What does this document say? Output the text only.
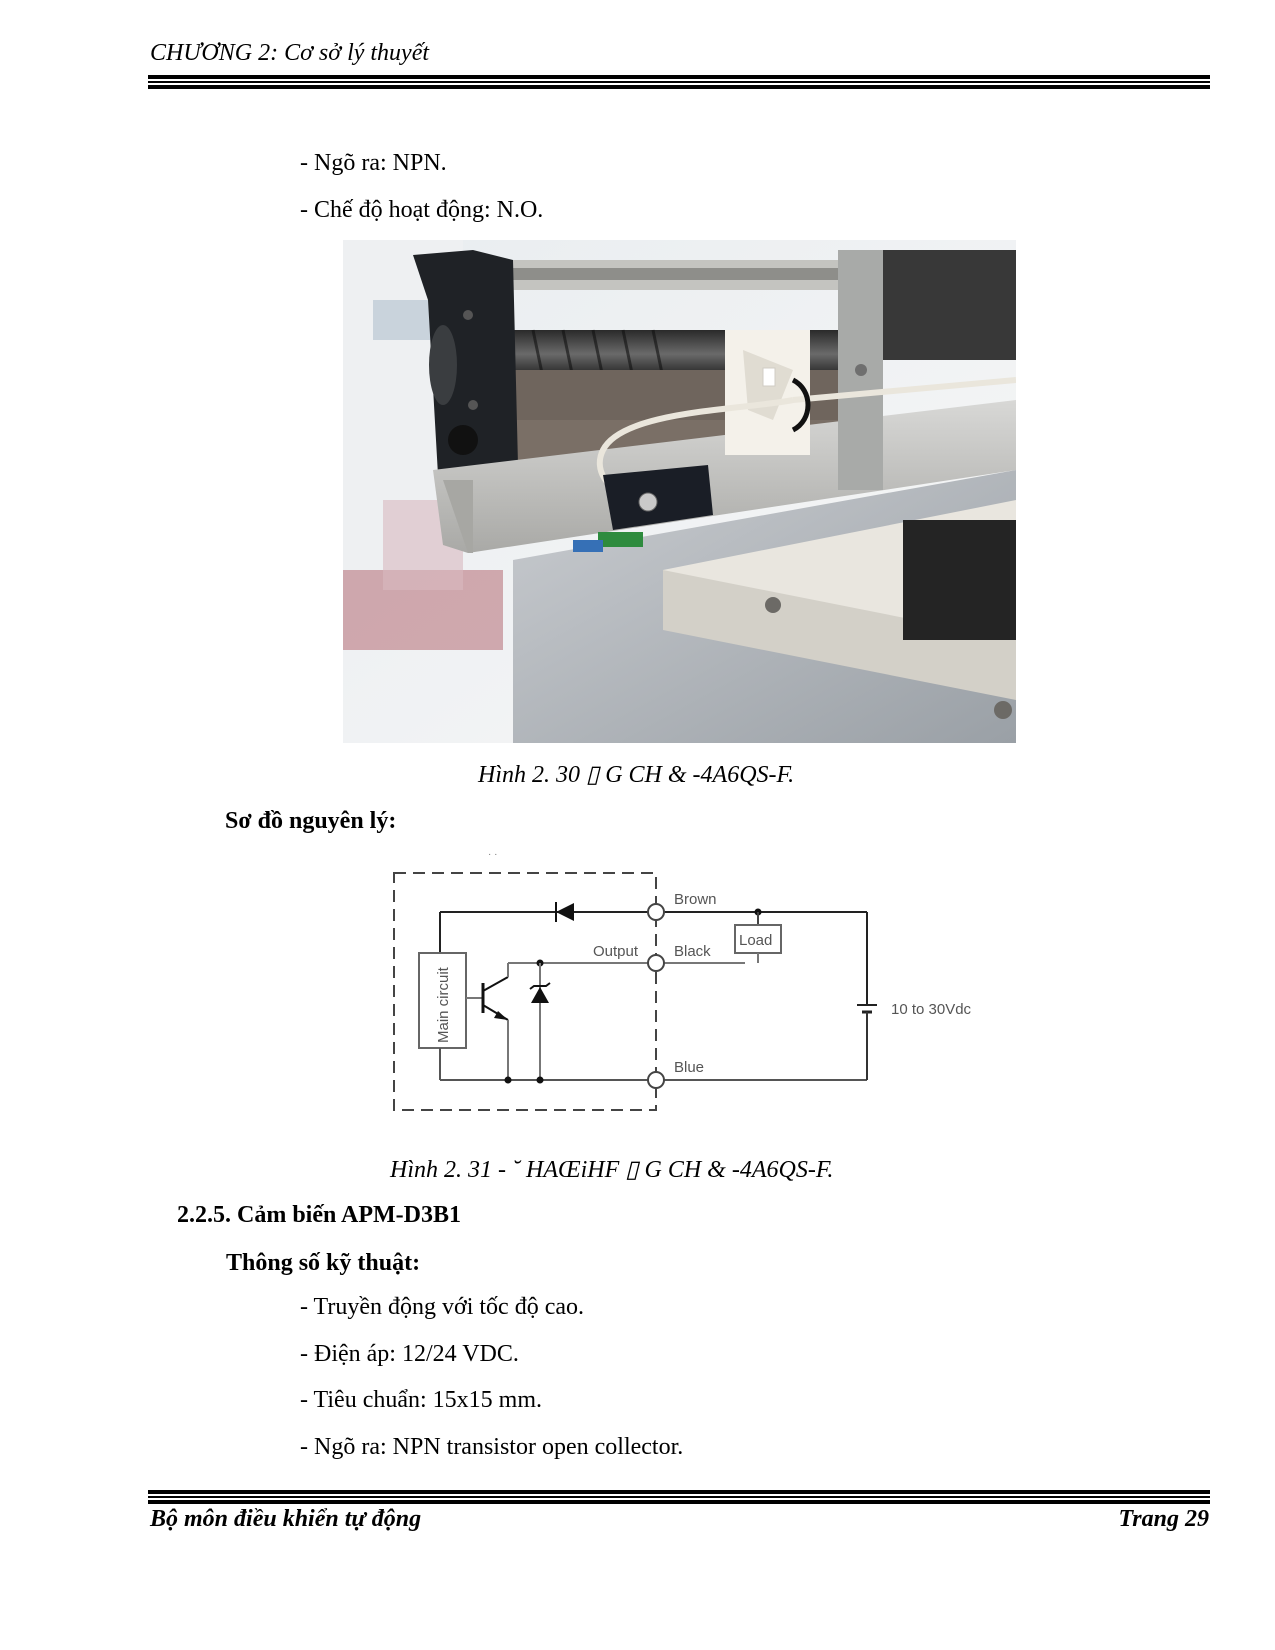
CHƯƠNG 2: Cơ sở lý thuyết
- Ngõ ra: NPN.
- Chế độ hoạt động: N.O.
Hình 2. 30 ▯ G CH & -4A6QS-F.
Sơ đồ nguyên lý:
· ·
Main circuit
Output
Brown
Black
Blue
Load
10 to 30Vdc
Hình 2. 31 - ˘ HAŒiHF ▯ G CH & -4A6QS-F.
2.2.5. Cảm biến APM-D3B1
Thông số kỹ thuật:
- Truyền động với tốc độ cao.
- Điện áp: 12/24 VDC.
- Tiêu chuẩn: 15x15 mm.
- Ngõ ra: NPN transistor open collector.
Bộ môn điều khiển tự động	Trang 29
